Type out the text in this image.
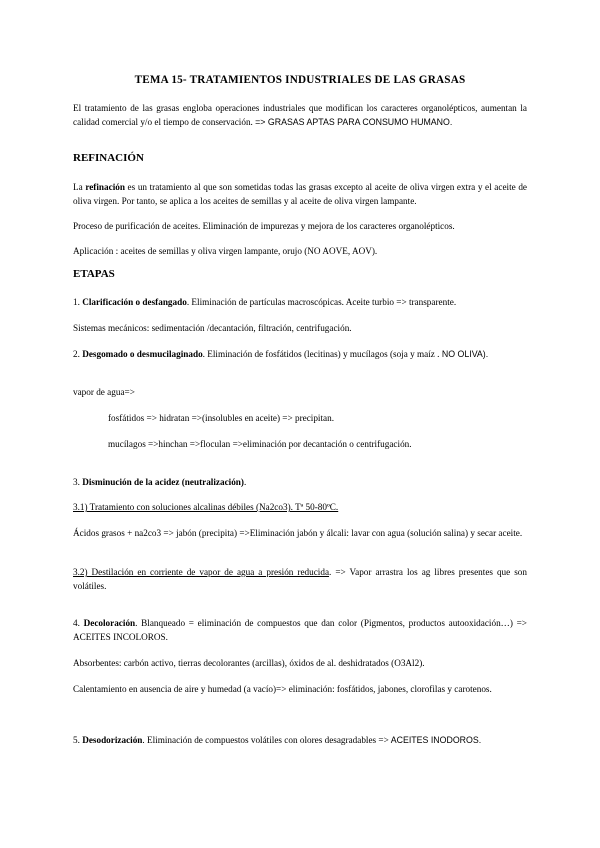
TEMA 15- TRATAMIENTOS INDUSTRIALES DE LAS GRASAS
El tratamiento de las grasas engloba operaciones industriales que modifican los caracteres organolépticos, aumentan la calidad comercial y/o el tiempo de conservación. => GRASAS APTAS PARA CONSUMO HUMANO.
REFINACIÓN
La refinación es un tratamiento al que son sometidas todas las grasas excepto al aceite de oliva virgen extra y el aceite de oliva virgen. Por tanto, se aplica a los aceites de semillas y al aceite de oliva virgen lampante.
Proceso de purificación de aceites. Eliminación de impurezas y mejora de los caracteres organolépticos.
Aplicación : aceites de semillas y oliva virgen lampante, orujo (NO AOVE, AOV).
ETAPAS
1. Clarificación o desfangado. Eliminación de partículas macroscópicas. Aceite turbio => transparente.
Sistemas mecánicos: sedimentación /decantación, filtración, centrifugación.
2. Desgomado o desmucilaginado. Eliminación de fosfátidos (lecitinas) y mucílagos (soja y maíz . NO OLIVA).
vapor de agua=>
fosfátidos => hidratan =>(insolubles en aceite) => precipitan.
mucílagos =>hinchan =>floculan =>eliminación por decantación o centrifugación.
3. Disminución de la acidez (neutralización).
3.1) Tratamiento con soluciones alcalinas débiles (Na2co3). Tª 50-80ºC.
Ácidos grasos + na2co3 => jabón (precipita) =>Eliminación jabón y álcali: lavar con agua (solución salina) y secar aceite.
3.2) Destilación en corriente de vapor de agua a presión reducida. => Vapor arrastra los ag libres presentes que son volátiles.
4. Decoloración. Blanqueado = eliminación de compuestos que dan color (Pigmentos, productos autooxidación…) => ACEITES INCOLOROS.
Absorbentes: carbón activo, tierras decolorantes (arcillas), óxidos de al. deshidratados (O3Al2).
Calentamiento en ausencia de aire y humedad (a vacío)=> eliminación: fosfátidos, jabones, clorofilas y carotenos.
5. Desodorización. Eliminación de compuestos volátiles con olores desagradables => ACEITES INODOROS.
